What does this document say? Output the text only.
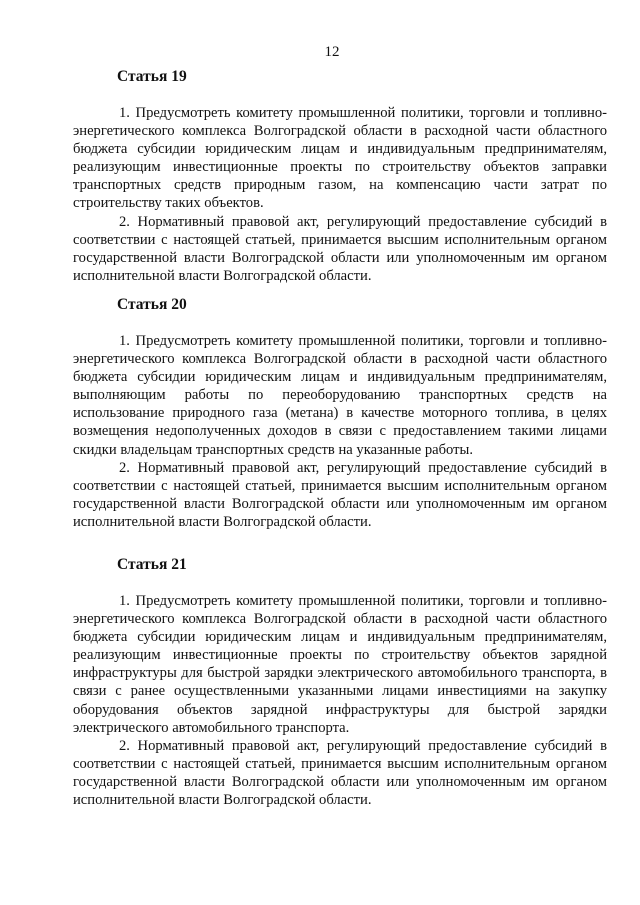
12
Статья 19

1. Предусмотреть комитету промышленной политики, торговли и топливно-энергетического комплекса Волгоградской области в расходной части областного бюджета субсидии юридическим лицам и индивидуальным предпринимателям, реализующим инвестиционные проекты по строительству объектов заправки транспортных средств природным газом, на компенсацию части затрат по строительству таких объектов.

2. Нормативный правовой акт, регулирующий предоставление субсидий в соответствии с настоящей статьей, принимается высшим исполнительным органом государственной власти Волгоградской области или уполномоченным им органом исполнительной власти Волгоградской области.

Статья 20

1. Предусмотреть комитету промышленной политики, торговли и топливно-энергетического комплекса Волгоградской области в расходной части областного бюджета субсидии юридическим лицам и индивидуальным предпринимателям, выполняющим работы по переоборудованию транспортных средств на использование природного газа (метана) в качестве моторного топлива, в целях возмещения недополученных доходов в связи с предоставлением такими лицами скидки владельцам транспортных средств на указанные работы.

2. Нормативный правовой акт, регулирующий предоставление субсидий в соответствии с настоящей статьей, принимается высшим исполнительным органом государственной власти Волгоградской области или уполномоченным им органом исполнительной власти Волгоградской области.

Статья 21

1. Предусмотреть комитету промышленной политики, торговли и топливно-энергетического комплекса Волгоградской области в расходной части областного бюджета субсидии юридическим лицам и индивидуальным предпринимателям, реализующим инвестиционные проекты по строительству объектов зарядной инфраструктуры для быстрой зарядки электрического автомобильного транспорта, в связи с ранее осуществленными указанными лицами инвестициями на закупку оборудования объектов зарядной инфраструктуры для быстрой зарядки электрического автомобильного транспорта.

2. Нормативный правовой акт, регулирующий предоставление субсидий в соответствии с настоящей статьей, принимается высшим исполнительным органом государственной власти Волгоградской области или уполномоченным им органом исполнительной власти Волгоградской области.
